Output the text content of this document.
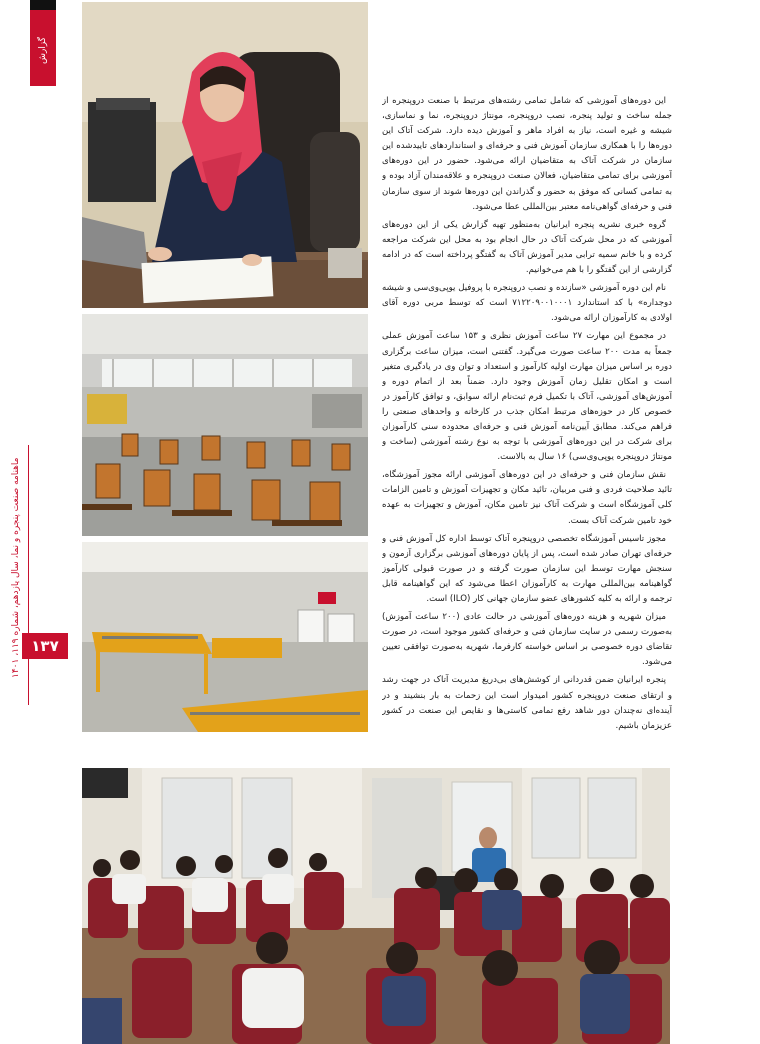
گزارش
ماهنامه صنعت پنجره و نما، سال یازدهم، شماره ۱۱۹، ۱۴۰۱
۱۳۷

این دوره‌های آموزشی که شامل تمامی رشته‌های مرتبط با صنعت درو‌پنجره از جمله ساخت و تولید پنجره، نصب درو‌پنجره، مونتاژ درو‌پنجره، نما و نماسازی، شیشه و غیره است، نیاز به افراد ماهر و آموزش دیده دارد. شرکت آتاک این دوره‌ها را با همکاری سازمان آموزش فنی و حرفه‌ای و استانداردهای تاییدشده این سازمان در شرکت آتاک به متقاضیان ارائه می‌شود. حضور در این دوره‌های آموزشی برای تمامی متقاضیان، فعالان صنعت درو‌پنجره و علاقه‌مندان آزاد بوده و به تمامی کسانی که موفق به حضور و گذراندن این دوره‌ها شوند از سوی سازمان فنی و حرفه‌ای گواهی‌نامه معتبر بین‌المللی عطا می‌شود.

گروه خبری نشریه پنجره ایرانیان به‌منظور تهیه گزارش یکی از این دوره‌های آموزشی که در محل شرکت آتاک در حال انجام بود به محل این شرکت مراجعه کرده و با خانم سمیه ترابی مدیر آموزش آتاک به گفتگو پرداخته است که در ادامه گزارشی از این گفتگو را با هم می‌خوانیم.

نام این دوره آموزشی «سازنده و نصب درو‌پنجره با پروفیل یوپی‌وی‌سی و شیشه دوجداره» با کد استاندارد ۷۱۲۲۰۹۰۰۱۰۰۰۱ است که توسط مربی دوره آقای اولادی به کارآموزان ارائه می‌شود.

در مجموع این مهارت ۲۷ ساعت آموزش نظری و ۱۵۳ ساعت آموزش عملی جمعاً به مدت ۲۰۰ ساعت صورت می‌گیرد. گفتنی است، میزان ساعت برگزاری دوره بر اساس میزان مهارت اولیه کارآموز و استعداد و توان وی در یادگیری متغیر است و امکان تقلیل زمان آموزش وجود دارد. ضمناً بعد از اتمام دوره و آموزش‌های آموزشی، آتاک با تکمیل فرم ثبت‌نام ارائه سوابق، و توافق کارآموز در خصوص کار در حوزه‌های مرتبط امکان جذب در کارخانه و واحدهای صنعتی را فراهم می‌کند. مطابق آیین‌نامه آموزش فنی و حرفه‌ای محدوده سنی کارآموزان برای شرکت در این دوره‌های آموزشی با توجه به نوع رشته آموزشی (ساخت و مونتاژ درو‌پنجره یوپی‌وی‌سی) ۱۶ سال به بالاست.

نقش سازمان فنی و حرفه‌ای در این دوره‌های آموزشی ارائه مجوز آموزشگاه، تائید صلاحیت فردی و فنی مربیان، تائید مکان و تجهیزات آموزش و تامین الزامات کلی آموزشگاه است و شرکت آتاک نیز تامین مکان، آموزش و تجهیزات به عهده خود تامین شرکت آتاک بست.

مجوز تاسیس آموزشگاه تخصصی درو‌پنجره آتاک توسط اداره کل آموزش فنی و حرفه‌ای تهران صادر شده است، پس از پایان دوره‌های آموزشی برگزاری آزمون و سنجش مهارت توسط این سازمان صورت گرفته و در صورت قبولی کارآموز گواهینامه بین‌المللی مهارت به کارآموزان اعطا می‌شود که این گواهینامه قابل ترجمه و ارائه به کلیه کشورهای عضو سازمان جهانی کار (ILO) است.

میزان شهریه و هزینه دوره‌های آموزشی در حالت عادی (۲۰۰ ساعت آموزش) به‌صورت رسمی در سایت سازمان فنی و حرفه‌ای کشور موجود است، در صورت تقاضای دوره خصوصی بر اساس خواسته کارفرما، شهریه به‌صورت توافقی تعیین می‌شود.

پنجره ایرانیان ضمن قدردانی از کوشش‌های بی‌دریغ مدیریت آتاک در جهت رشد و ارتقای صنعت درو‌پنجره کشور امیدوار است این زحمات به بار بنشیند و در آینده‌ای نه‌چندان دور شاهد رفع تمامی کاستی‌ها و نقایص این صنعت در کشور عزیزمان باشیم.
